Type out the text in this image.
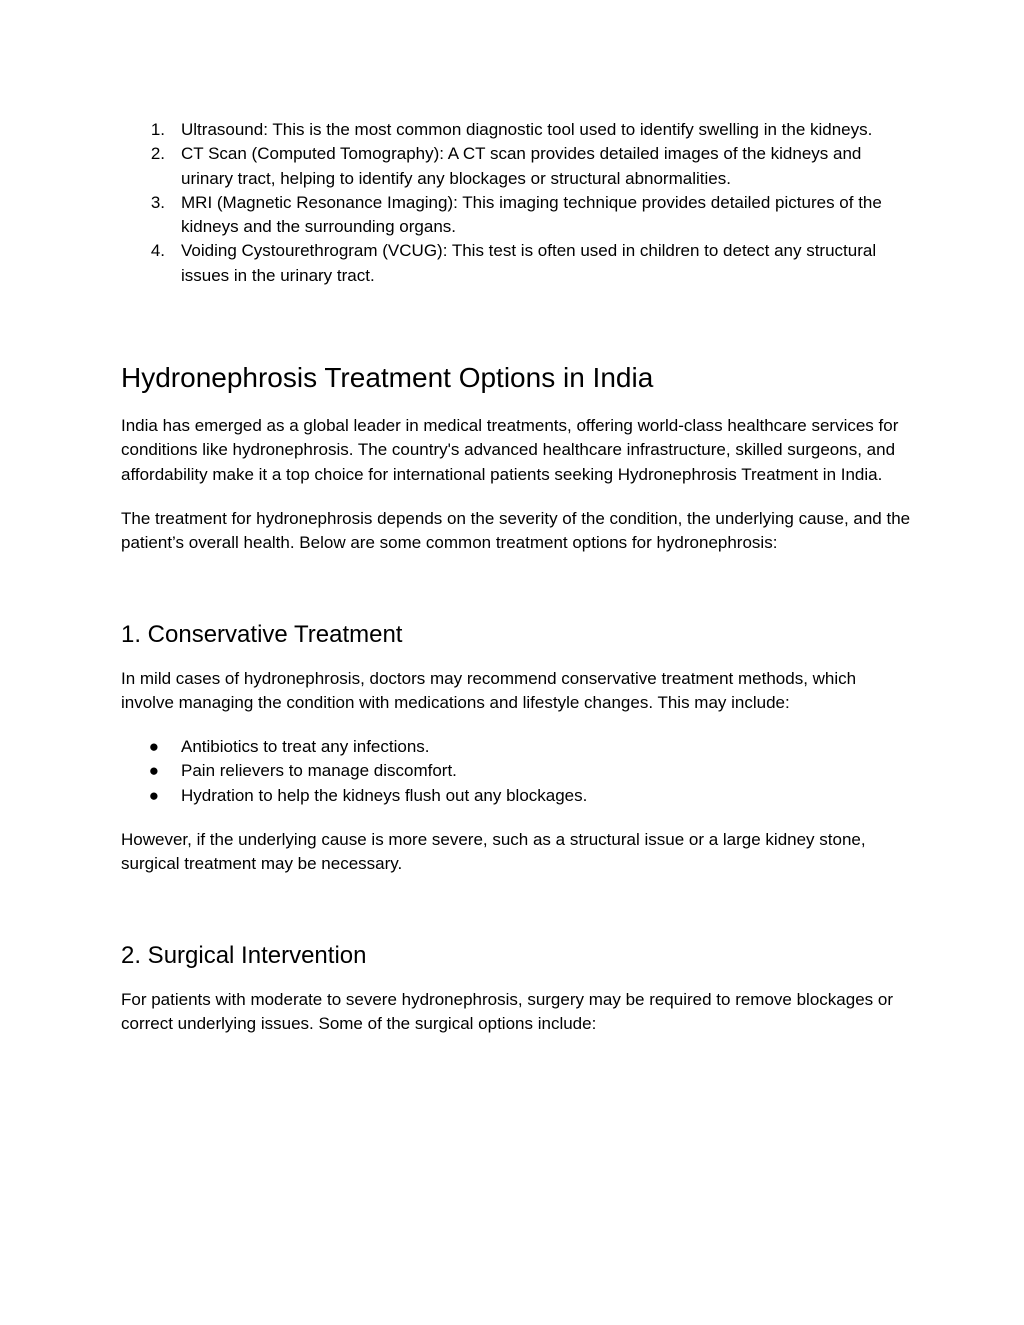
1. Ultrasound: This is the most common diagnostic tool used to identify swelling in the kidneys.
2. CT Scan (Computed Tomography): A CT scan provides detailed images of the kidneys and urinary tract, helping to identify any blockages or structural abnormalities.
3. MRI (Magnetic Resonance Imaging): This imaging technique provides detailed pictures of the kidneys and the surrounding organs.
4. Voiding Cystourethrogram (VCUG): This test is often used in children to detect any structural issues in the urinary tract.
Hydronephrosis Treatment Options in India

India has emerged as a global leader in medical treatments, offering world-class healthcare services for conditions like hydronephrosis. The country's advanced healthcare infrastructure, skilled surgeons, and affordability make it a top choice for international patients seeking Hydronephrosis Treatment in India.

The treatment for hydronephrosis depends on the severity of the condition, the underlying cause, and the patient’s overall health. Below are some common treatment options for hydronephrosis:

1. Conservative Treatment

In mild cases of hydronephrosis, doctors may recommend conservative treatment methods, which involve managing the condition with medications and lifestyle changes. This may include:

● Antibiotics to treat any infections.
● Pain relievers to manage discomfort.
● Hydration to help the kidneys flush out any blockages.

However, if the underlying cause is more severe, such as a structural issue or a large kidney stone, surgical treatment may be necessary.

2. Surgical Intervention

For patients with moderate to severe hydronephrosis, surgery may be required to remove blockages or correct underlying issues. Some of the surgical options include:
